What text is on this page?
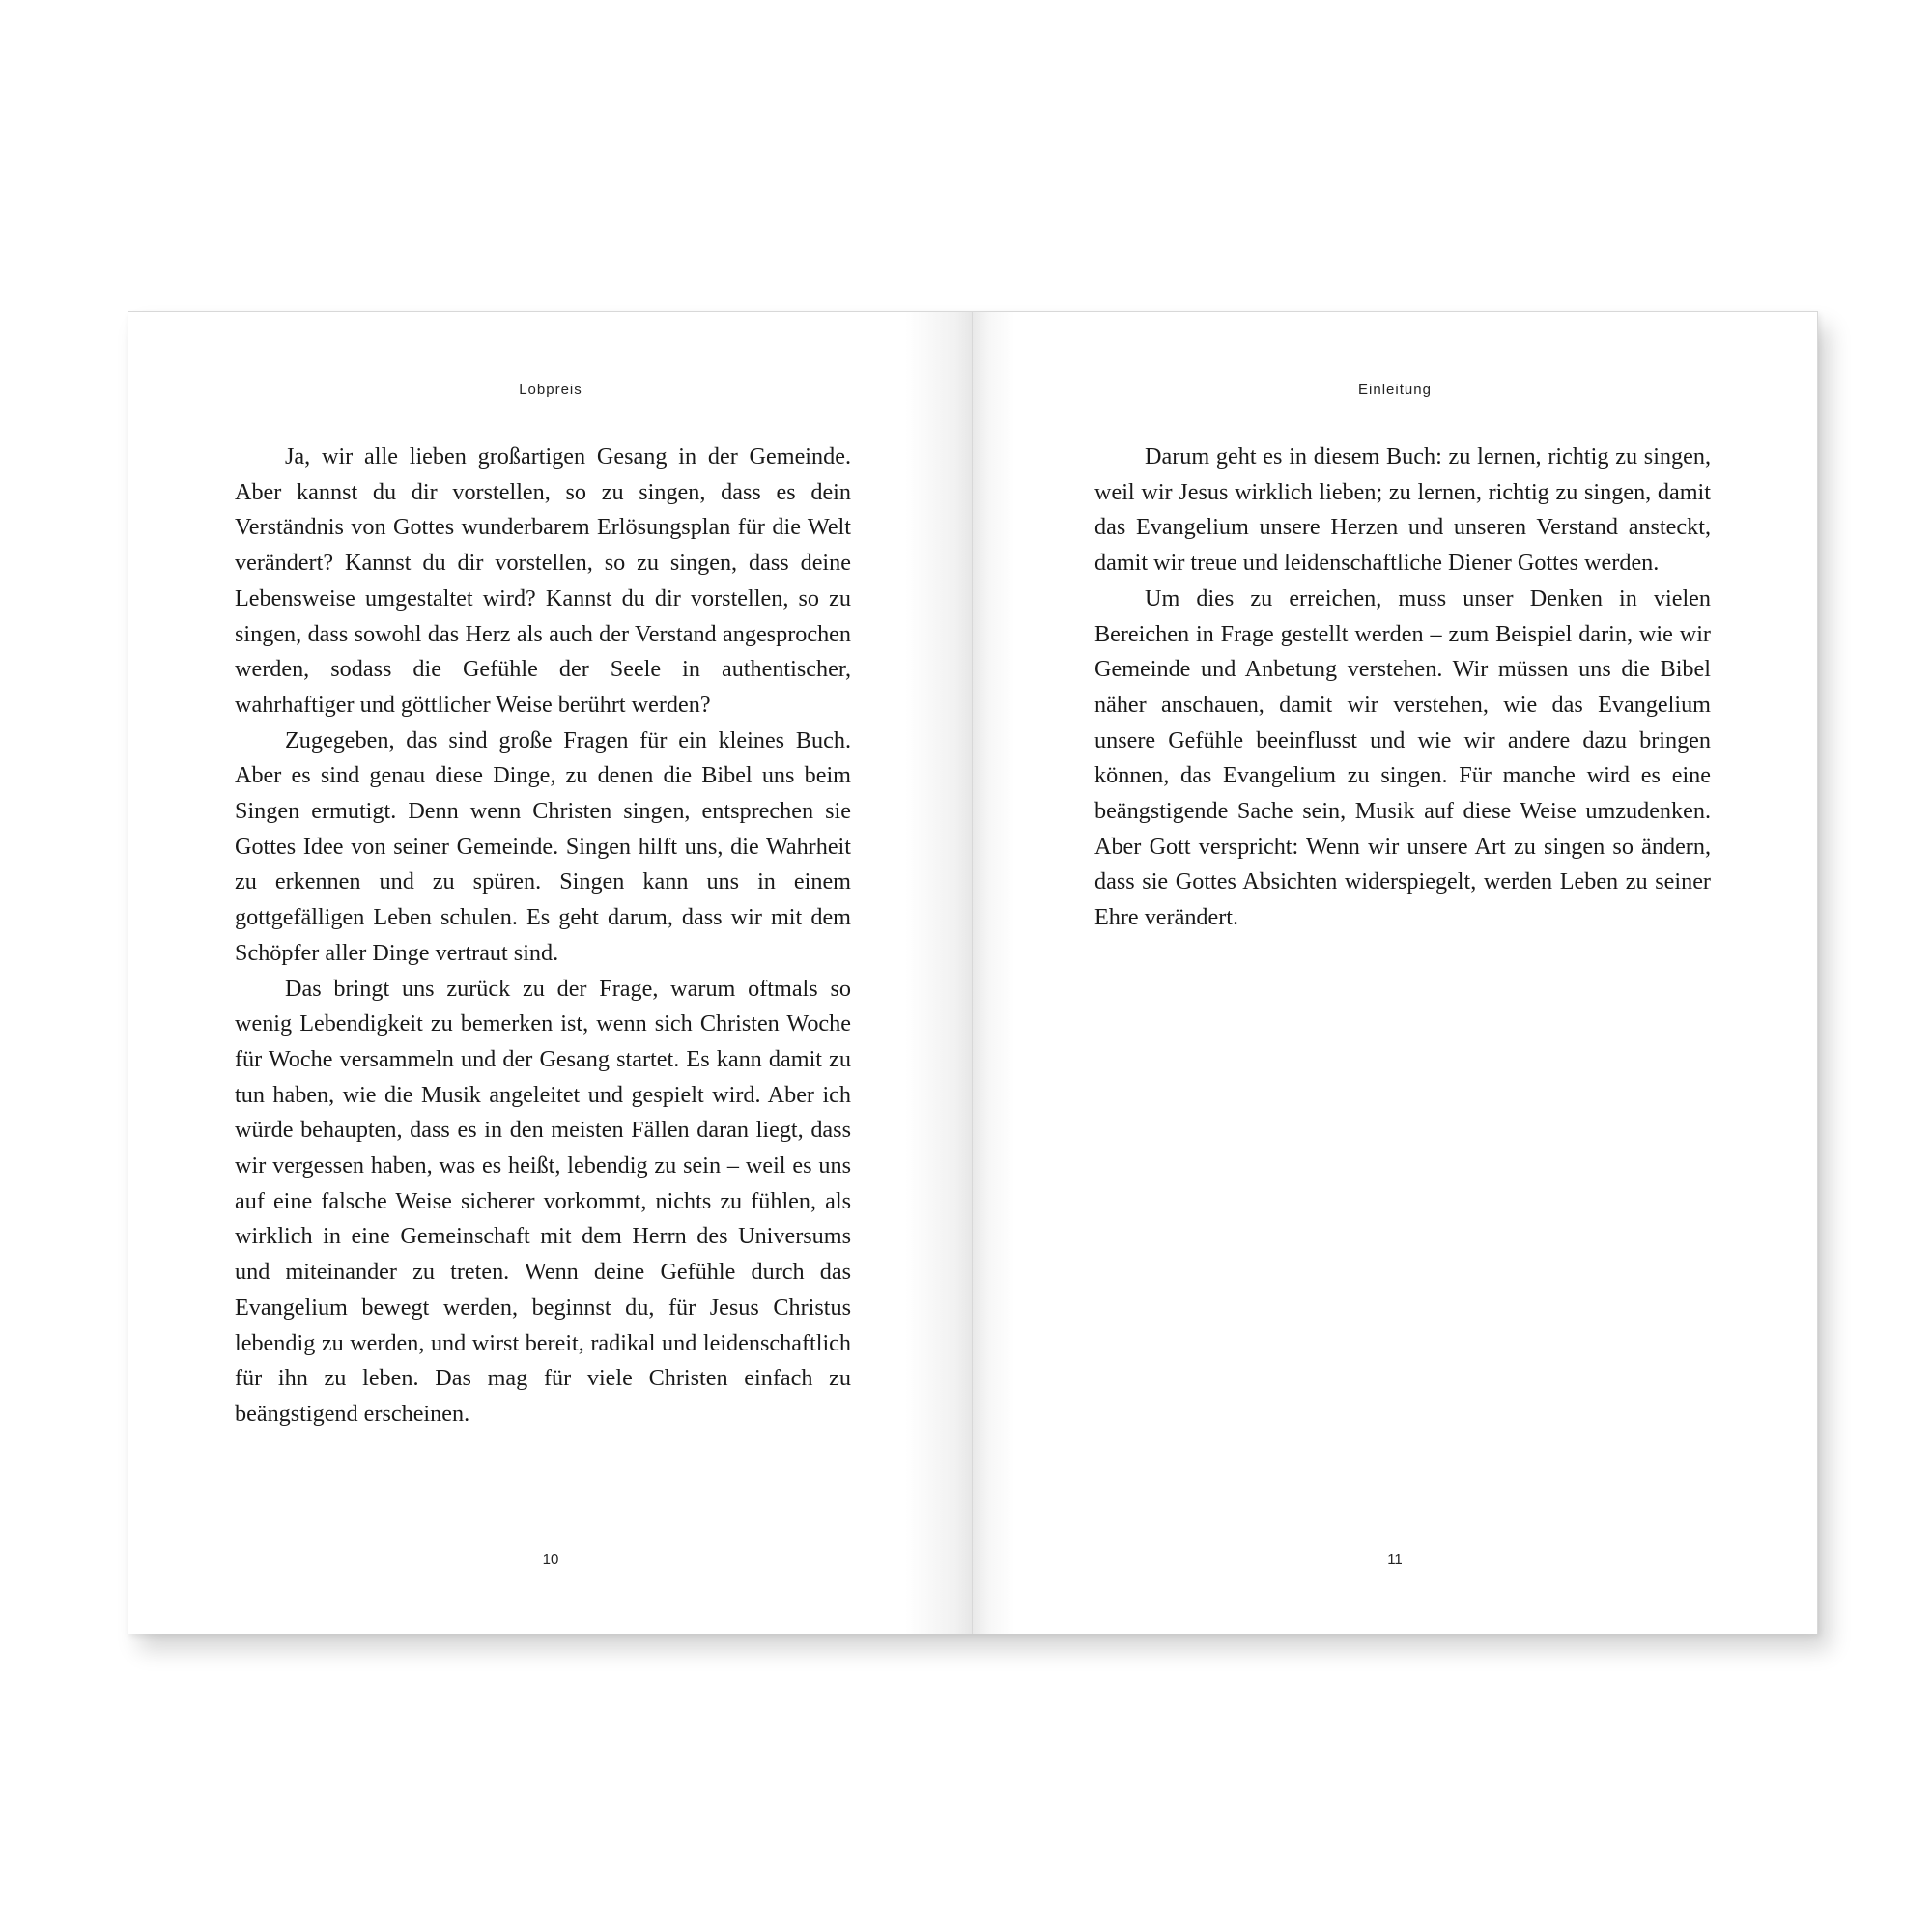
Lobpreis

Ja, wir alle lieben großartigen Gesang in der Gemeinde. Aber kannst du dir vorstellen, so zu singen, dass es dein Verständnis von Gottes wunderbarem Erlösungsplan für die Welt verändert? Kannst du dir vorstellen, so zu singen, dass deine Lebensweise umgestaltet wird? Kannst du dir vorstellen, so zu singen, dass sowohl das Herz als auch der Verstand angesprochen werden, sodass die Gefühle der Seele in authentischer, wahrhaftiger und göttlicher Weise berührt werden?

Zugegeben, das sind große Fragen für ein kleines Buch. Aber es sind genau diese Dinge, zu denen die Bibel uns beim Singen ermutigt. Denn wenn Christen singen, entsprechen sie Gottes Idee von seiner Gemeinde. Singen hilft uns, die Wahrheit zu erkennen und zu spüren. Singen kann uns in einem gottgefälligen Leben schulen. Es geht darum, dass wir mit dem Schöpfer aller Dinge vertraut sind.

Das bringt uns zurück zu der Frage, warum oftmals so wenig Lebendigkeit zu bemerken ist, wenn sich Christen Woche für Woche versammeln und der Gesang startet. Es kann damit zu tun haben, wie die Musik angeleitet und gespielt wird. Aber ich würde behaupten, dass es in den meisten Fällen daran liegt, dass wir vergessen haben, was es heißt, lebendig zu sein – weil es uns auf eine falsche Weise sicherer vorkommt, nichts zu fühlen, als wirklich in eine Gemeinschaft mit dem Herrn des Universums und miteinander zu treten. Wenn deine Gefühle durch das Evangelium bewegt werden, beginnst du, für Jesus Christus lebendig zu werden, und wirst bereit, radikal und leidenschaftlich für ihn zu leben. Das mag für viele Christen einfach zu beängstigend erscheinen.

10
Einleitung

Darum geht es in diesem Buch: zu lernen, richtig zu singen, weil wir Jesus wirklich lieben; zu lernen, richtig zu singen, damit das Evangelium unsere Herzen und unseren Verstand ansteckt, damit wir treue und leidenschaftliche Diener Gottes werden.

Um dies zu erreichen, muss unser Denken in vielen Bereichen in Frage gestellt werden – zum Beispiel darin, wie wir Gemeinde und Anbetung verstehen. Wir müssen uns die Bibel näher anschauen, damit wir verstehen, wie das Evangelium unsere Gefühle beeinflusst und wie wir andere dazu bringen können, das Evangelium zu singen. Für manche wird es eine beängstigende Sache sein, Musik auf diese Weise umzudenken. Aber Gott verspricht: Wenn wir unsere Art zu singen so ändern, dass sie Gottes Absichten widerspiegelt, werden Leben zu seiner Ehre verändert.

11
